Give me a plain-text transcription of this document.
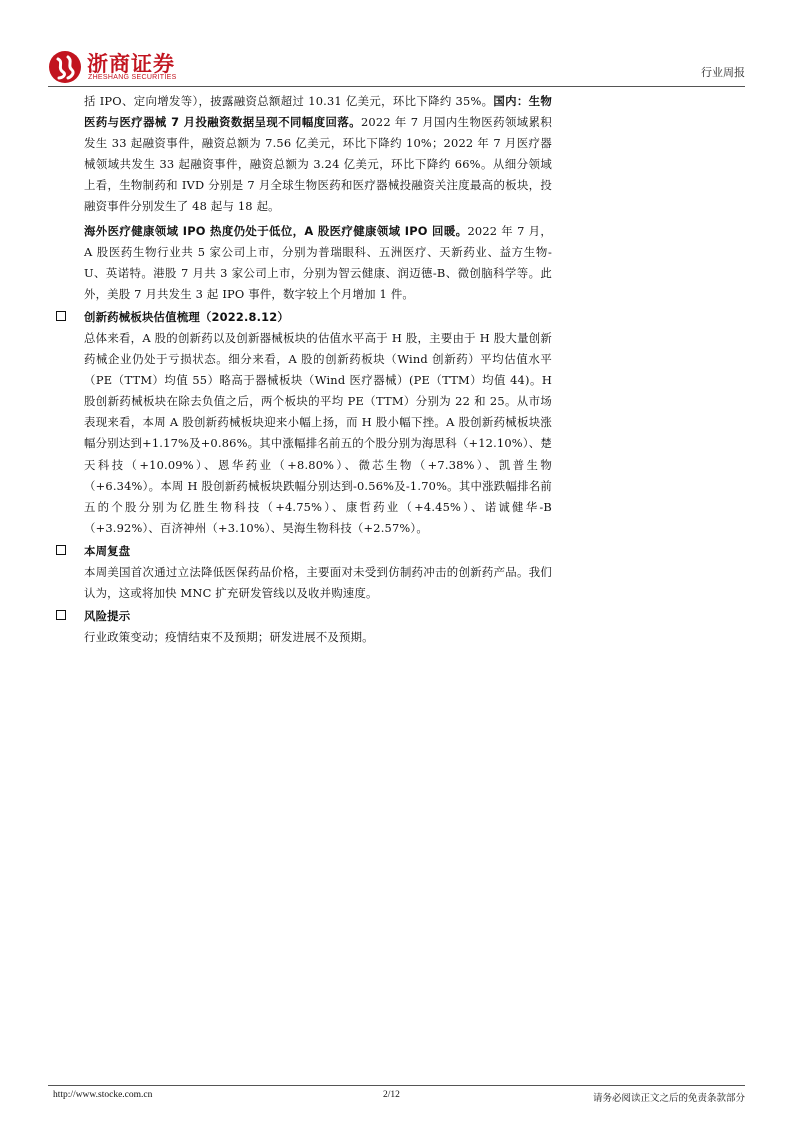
浙商证券
ZHESHANG SECURITIES	行业周报

括 IPO、定向增发等），披露融资总额超过 10.31 亿美元，环比下降约 35%。国内：生物医药与医疗器械 7 月投融资数据呈现不同幅度回落。2022 年 7 月国内生物医药领域累积发生 33 起融资事件，融资总额为 7.56 亿美元，环比下降约 10%；2022 年 7 月医疗器械领域共发生 33 起融资事件，融资总额为 3.24 亿美元，环比下降约 66%。从细分领域上看，生物制药和 IVD 分别是 7 月全球生物医药和医疗器械投融资关注度最高的板块，投融资事件分别发生了 48 起与 18 起。

海外医疗健康领域 IPO 热度仍处于低位，A 股医疗健康领域 IPO 回暖。2022 年 7 月，A 股医药生物行业共 5 家公司上市，分别为普瑞眼科、五洲医疗、天新药业、益方生物-U、英诺特。港股 7 月共 3 家公司上市，分别为智云健康、润迈德-B、微创脑科学等。此外，美股 7 月共发生 3 起 IPO 事件，数字较上个月增加 1 件。

创新药械板块估值梳理（2022.8.12）

总体来看，A 股的创新药以及创新器械板块的估值水平高于 H 股，主要由于 H 股大量创新药械企业仍处于亏损状态。细分来看，A 股的创新药板块（Wind 创新药）平均估值水平（PE（TTM）均值 55）略高于器械板块（Wind 医疗器械）(PE（TTM）均值 44)。H 股创新药械板块在除去负值之后，两个板块的平均 PE（TTM）分别为 22 和 25。从市场表现来看，本周 A 股创新药械板块迎来小幅上扬，而 H 股小幅下挫。A 股创新药械板块涨幅分别达到+1.17%及+0.86%。其中涨幅排名前五的个股分别为海思科（+12.10%）、楚天科技（+10.09%）、恩华药业（+8.80%）、微芯生物（+7.38%）、凯普生物（+6.34%）。本周 H 股创新药械板块跌幅分别达到-0.56%及-1.70%。其中涨跌幅排名前五的个股分别为亿胜生物科技（+4.75%）、康哲药业（+4.45%）、诺诚健华-B（+3.92%）、百济神州（+3.10%）、昊海生物科技（+2.57%）。

本周复盘

本周美国首次通过立法降低医保药品价格，主要面对未受到仿制药冲击的创新药产品。我们认为，这或将加快 MNC 扩充研发管线以及收并购速度。

风险提示

行业政策变动；疫情结束不及预期；研发进展不及预期。

http://www.stocke.com.cn	2/12	请务必阅读正文之后的免责条款部分
